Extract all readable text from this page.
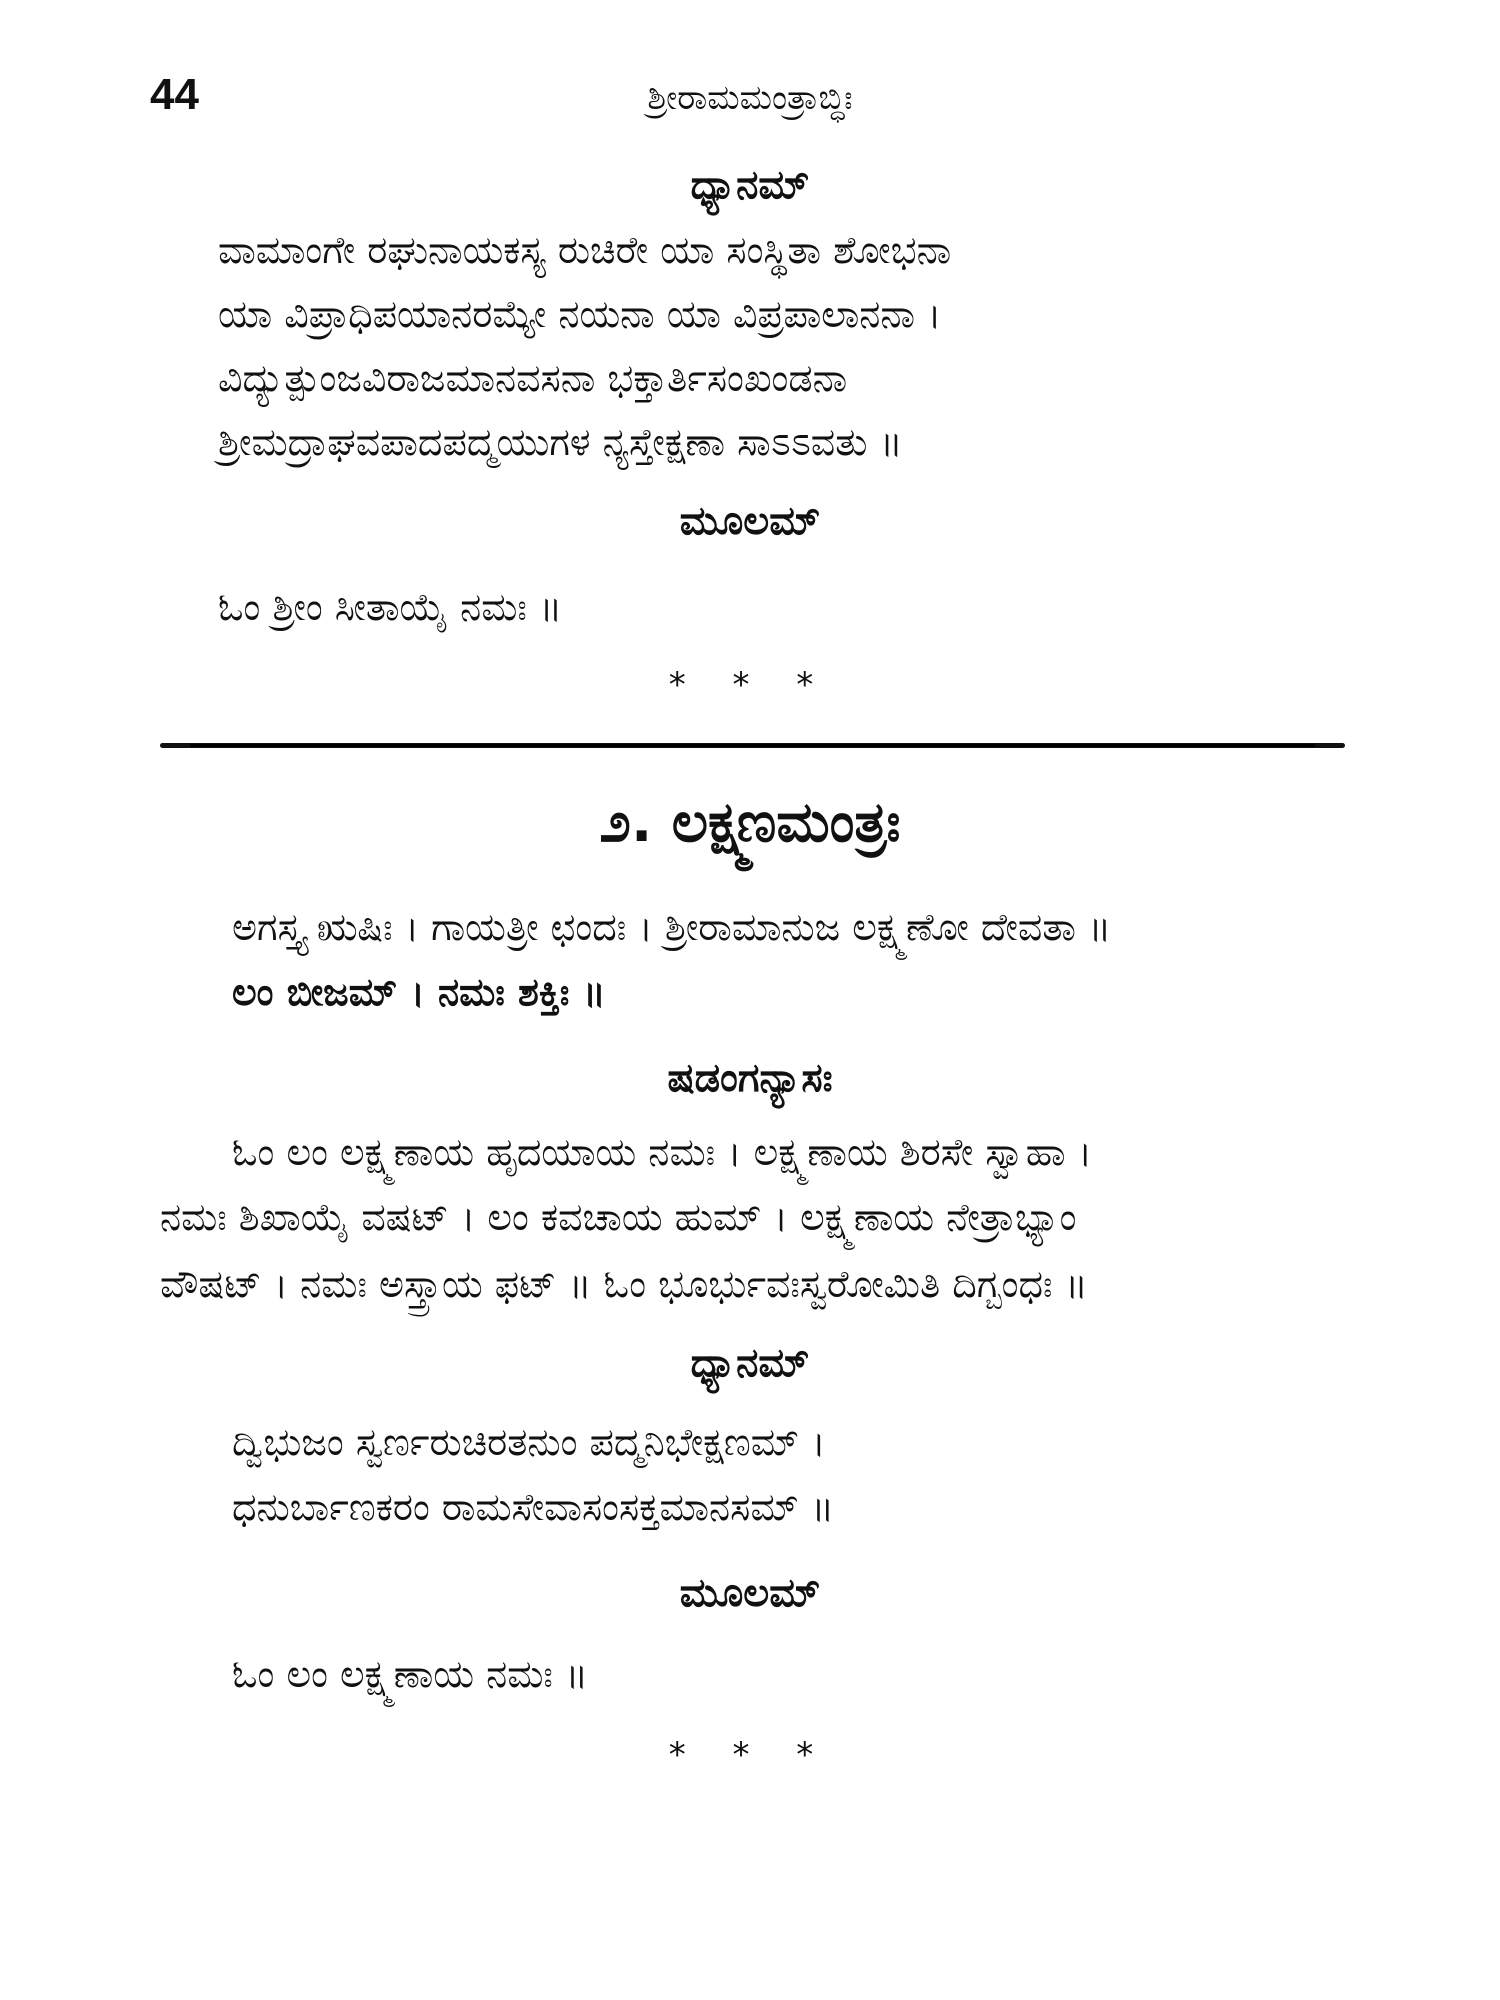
44	ಶ್ರೀರಾಮಮಂತ್ರಾಬ್ಧಿಃ
ಧ್ಯಾನಮ್
ವಾಮಾಂಗೇ ರಘುನಾಯಕಸ್ಯ ರುಚಿರೇ ಯಾ ಸಂಸ್ಥಿತಾ ಶೋಭನಾ
ಯಾ ವಿಪ್ರಾಧಿಪಯಾನರಮ್ಯೇ ನಯನಾ ಯಾ ವಿಪ್ರಪಾಲಾನನಾ ।
ವಿದ್ಯುತ್ಪುಂಜವಿರಾಜಮಾನವಸನಾ ಭಕ್ತಾರ್ತಿಸಂಖಂಡನಾ
ಶ್ರೀಮದ್ರಾಘವಪಾದಪದ್ಮಯುಗಳ ನ್ಯಸ್ತೇಕ್ಷಣಾ ಸಾಽಽವತು ॥
ಮೂಲಮ್
ಓಂ ಶ್ರೀಂ ಸೀತಾಯೈ ನಮಃ ॥
* * *
೨. ಲಕ್ಷ್ಮಣಮಂತ್ರಃ
ಅಗಸ್ತ್ಯ ಋಷಿಃ । ಗಾಯತ್ರೀ ಛಂದಃ । ಶ್ರೀರಾಮಾನುಜ ಲಕ್ಷ್ಮಣೋ ದೇವತಾ ॥
ಲಂ ಬೀಜಮ್ । ನಮಃ ಶಕ್ತಿಃ ॥
ಷಡಂಗನ್ಯಾಸಃ
ಓಂ ಲಂ ಲಕ್ಷ್ಮಣಾಯ ಹೃದಯಾಯ ನಮಃ । ಲಕ್ಷ್ಮಣಾಯ ಶಿರಸೇ ಸ್ವಾಹಾ ।
ನಮಃ ಶಿಖಾಯೈ ವಷಟ್ । ಲಂ ಕವಚಾಯ ಹುಮ್ । ಲಕ್ಷ್ಮಣಾಯ ನೇತ್ರಾಭ್ಯಾಂ
ವೌಷಟ್ । ನಮಃ ಅಸ್ತ್ರಾಯ ಫಟ್ ॥ ಓಂ ಭೂರ್ಭುವಃಸ್ವರೋಮಿತಿ ದಿಗ್ಬಂಧಃ ॥
ಧ್ಯಾನಮ್
ದ್ವಿಭುಜಂ ಸ್ವರ್ಣರುಚಿರತನುಂ ಪದ್ಮನಿಭೇಕ್ಷಣಮ್ ।
ಧನುರ್ಬಾಣಕರಂ ರಾಮಸೇವಾಸಂಸಕ್ತಮಾನಸಮ್ ॥
ಮೂಲಮ್
ಓಂ ಲಂ ಲಕ್ಷ್ಮಣಾಯ ನಮಃ ॥
* * *
